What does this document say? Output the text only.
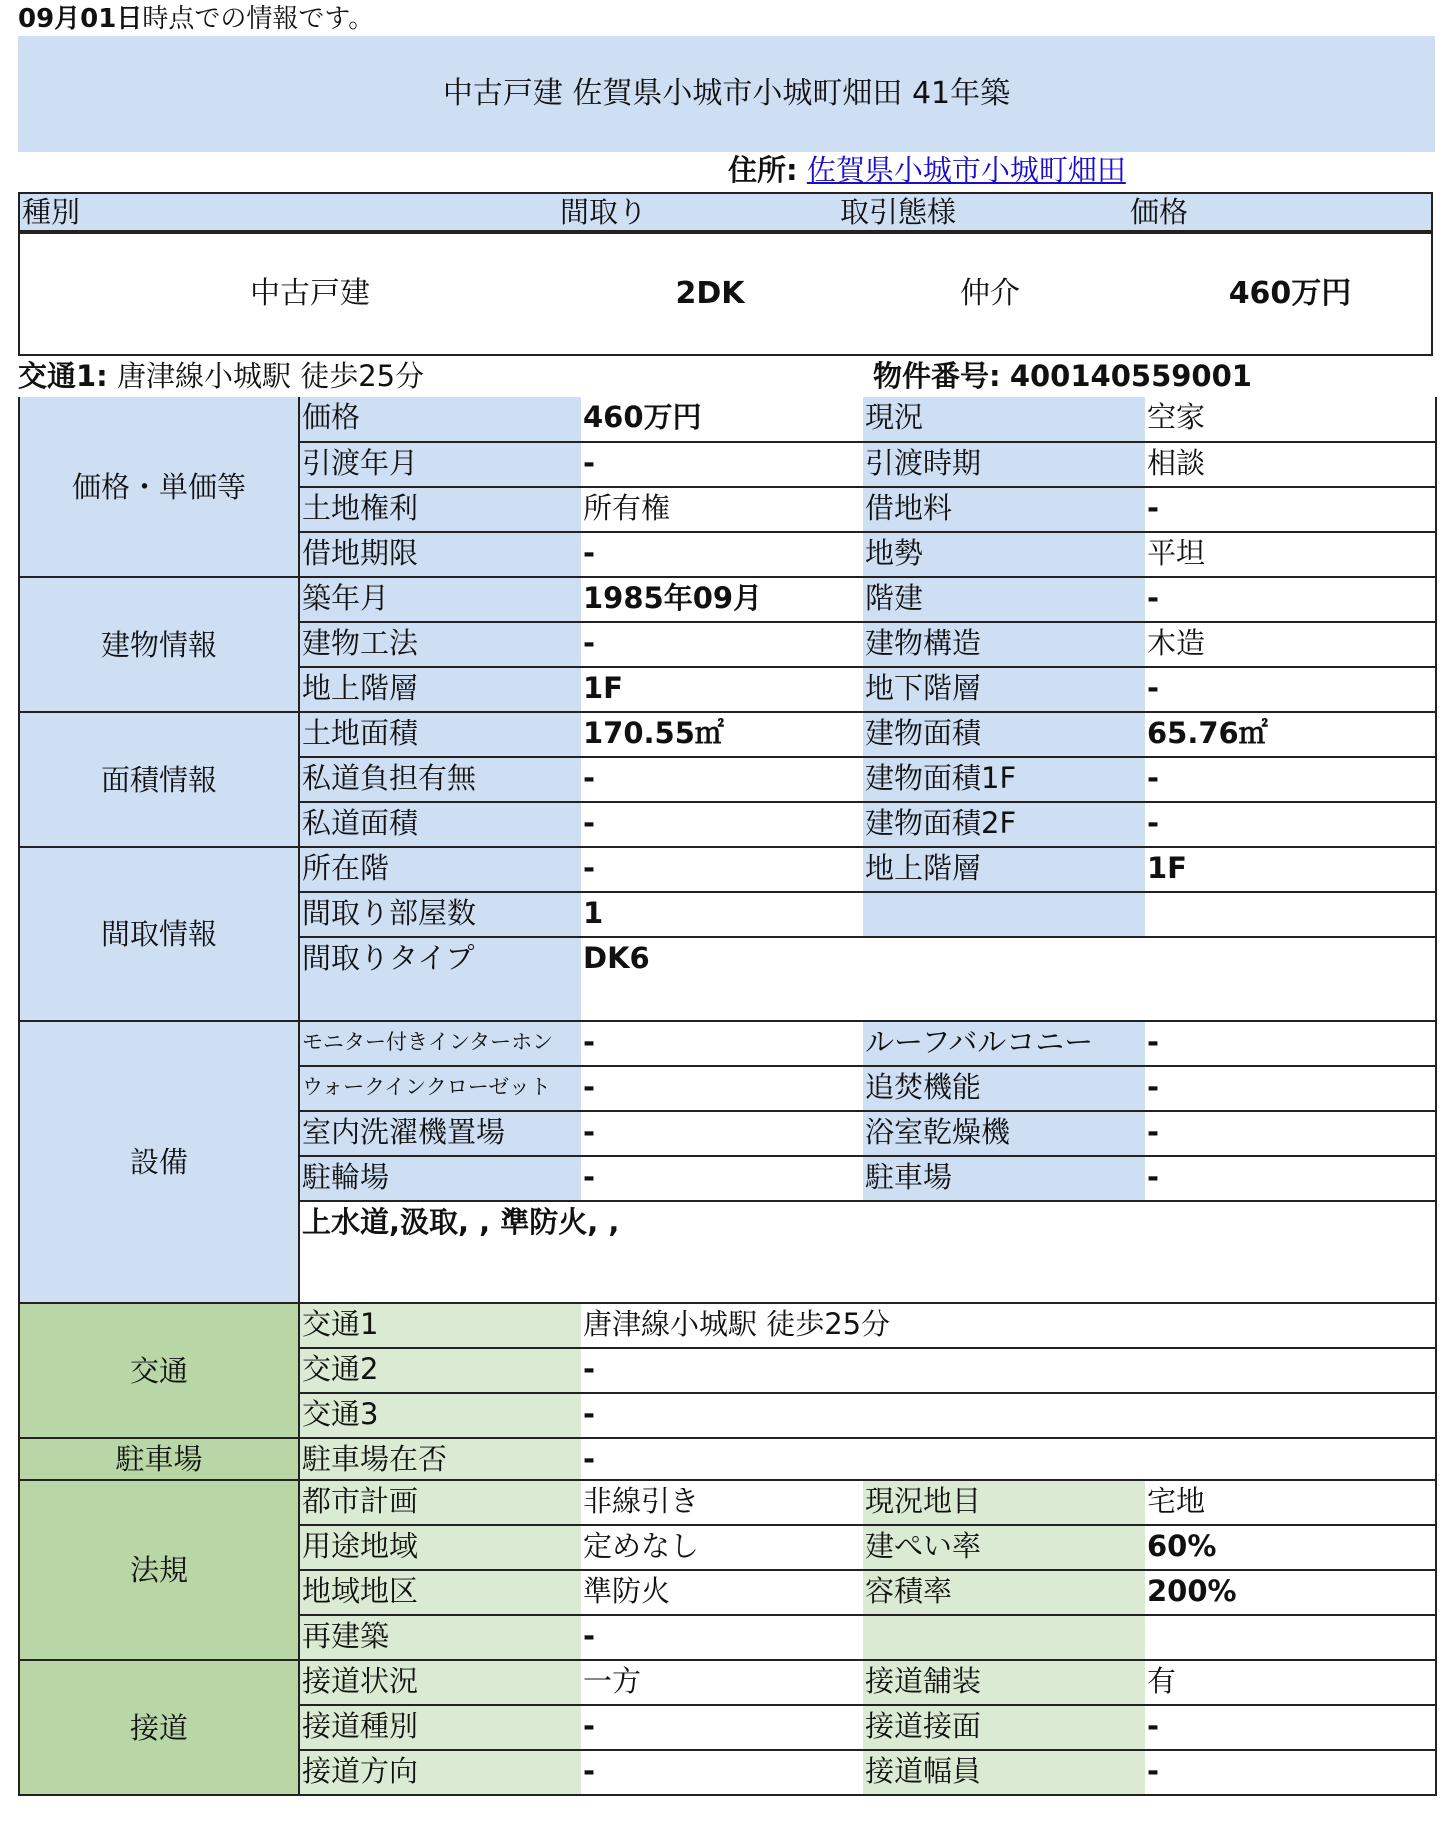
09月01日時点での情報です。
中古戸建 佐賀県小城市小城町畑田 41年築
住所: 佐賀県小城市小城町畑田
種別	間取り	取引態様	価格
中古戸建	2DK	仲介	460万円
交通1: 唐津線小城駅 徒歩25分	物件番号: 400140559001
価格・単価等	価格	460万円	現況	空家
	引渡年月	-	引渡時期	相談
	土地権利	所有権	借地料	-
	借地期限	-	地勢	平坦
建物情報	築年月	1985年09月	階建	-
	建物工法	-	建物構造	木造
	地上階層	1F	地下階層	-
面積情報	土地面積	170.55㎡	建物面積	65.76㎡
	私道負担有無	-	建物面積1F	-
	私道面積	-	建物面積2F	-
間取情報	所在階	-	地上階層	1F
	間取り部屋数	1		
	間取りタイプ	DK6		
設備	モニター付きインターホン	-	ルーフバルコニー	-
	ウォークインクローゼット	-	追焚機能	-
	室内洗濯機置場	-	浴室乾燥機	-
	駐輪場	-	駐車場	-
	上水道,汲取, , 準防火, ,			
交通	交通1	唐津線小城駅 徒歩25分		
	交通2	-		
	交通3	-		
駐車場	駐車場在否	-		
法規	都市計画	非線引き	現況地目	宅地
	用途地域	定めなし	建ぺい率	60%
	地域地区	準防火	容積率	200%
	再建築	-		
接道	接道状況	一方	接道舗装	有
	接道種別	-	接道接面	-
	接道方向	-	接道幅員	-
